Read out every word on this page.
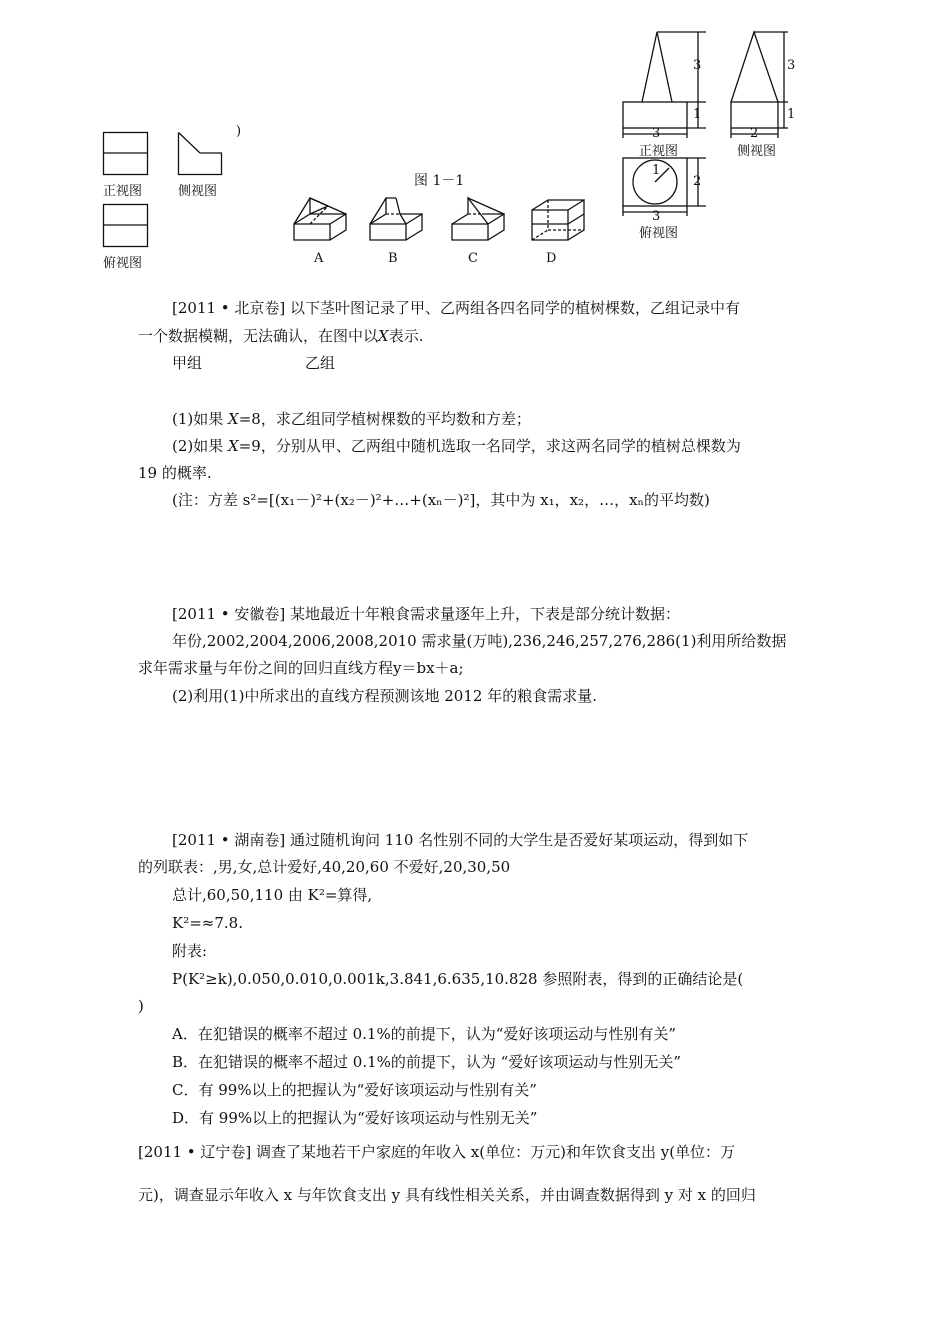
正视图	侧视图
)
俯视图
图 1－1
A	B	C	D
3
1
3
正视图
3
1
2
侧视图
1
2
3
俯视图
[2011 • 北京卷] 以下茎叶图记录了甲、乙两组各四名同学的植树棵数，乙组记录中有
一个数据模糊，无法确认，在图中以X表示.
甲组	乙组
(1)如果 X=8，求乙组同学植树棵数的平均数和方差；
(2)如果 X=9，分别从甲、乙两组中随机选取一名同学，求这两名同学的植树总棵数为
19 的概率.
(注：方差 s²=[(x₁－)²+(x₂－)²+…+(xₙ－)²]，其中为 x₁，x₂，…，xₙ的平均数)
[2011 • 安徽卷] 某地最近十年粮食需求量逐年上升，下表是部分统计数据：
年份,2002,2004,2006,2008,2010 需求量(万吨),236,246,257,276,286(1)利用所给数据
求年需求量与年份之间的回归直线方程y＝bx＋a;
(2)利用(1)中所求出的直线方程预测该地 2012 年的粮食需求量.
[2011 • 湖南卷] 通过随机询问 110 名性别不同的大学生是否爱好某项运动，得到如下
的列联表：,男,女,总计爱好,40,20,60 不爱好,20,30,50
总计,60,50,110 由 K²=算得,
K²=≈7.8.
附表:
P(K²≥k),0.050,0.010,0.001k,3.841,6.635,10.828 参照附表，得到的正确结论是(
)
A．在犯错误的概率不超过 0.1%的前提下，认为“爱好该项运动与性别有关”
B．在犯错误的概率不超过 0.1%的前提下，认为 “爱好该项运动与性别无关”
C．有 99%以上的把握认为“爱好该项运动与性别有关”
D．有 99%以上的把握认为“爱好该项运动与性别无关”
[2011 • 辽宁卷] 调查了某地若干户家庭的年收入 x(单位：万元)和年饮食支出 y(单位：万
元)，调查显示年收入 x 与年饮食支出 y 具有线性相关关系，并由调查数据得到 y 对 x 的回归
